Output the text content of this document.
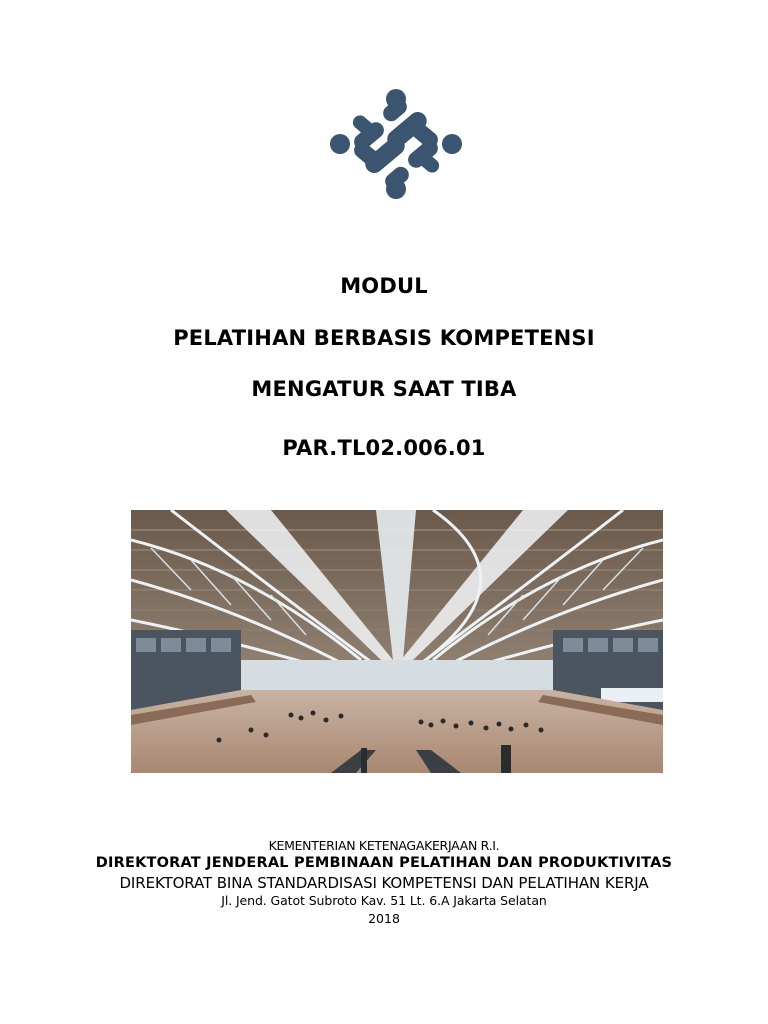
MODUL
PELATIHAN BERBASIS KOMPETENSI
MENGATUR SAAT TIBA
PAR.TL02.006.01
KEMENTERIAN KETENAGAKERJAAN R.I.
DIREKTORAT JENDERAL PEMBINAAN PELATIHAN DAN PRODUKTIVITAS
DIREKTORAT BINA STANDARDISASI KOMPETENSI DAN PELATIHAN KERJA
Jl. Jend. Gatot Subroto Kav. 51 Lt. 6.A Jakarta Selatan
2018
